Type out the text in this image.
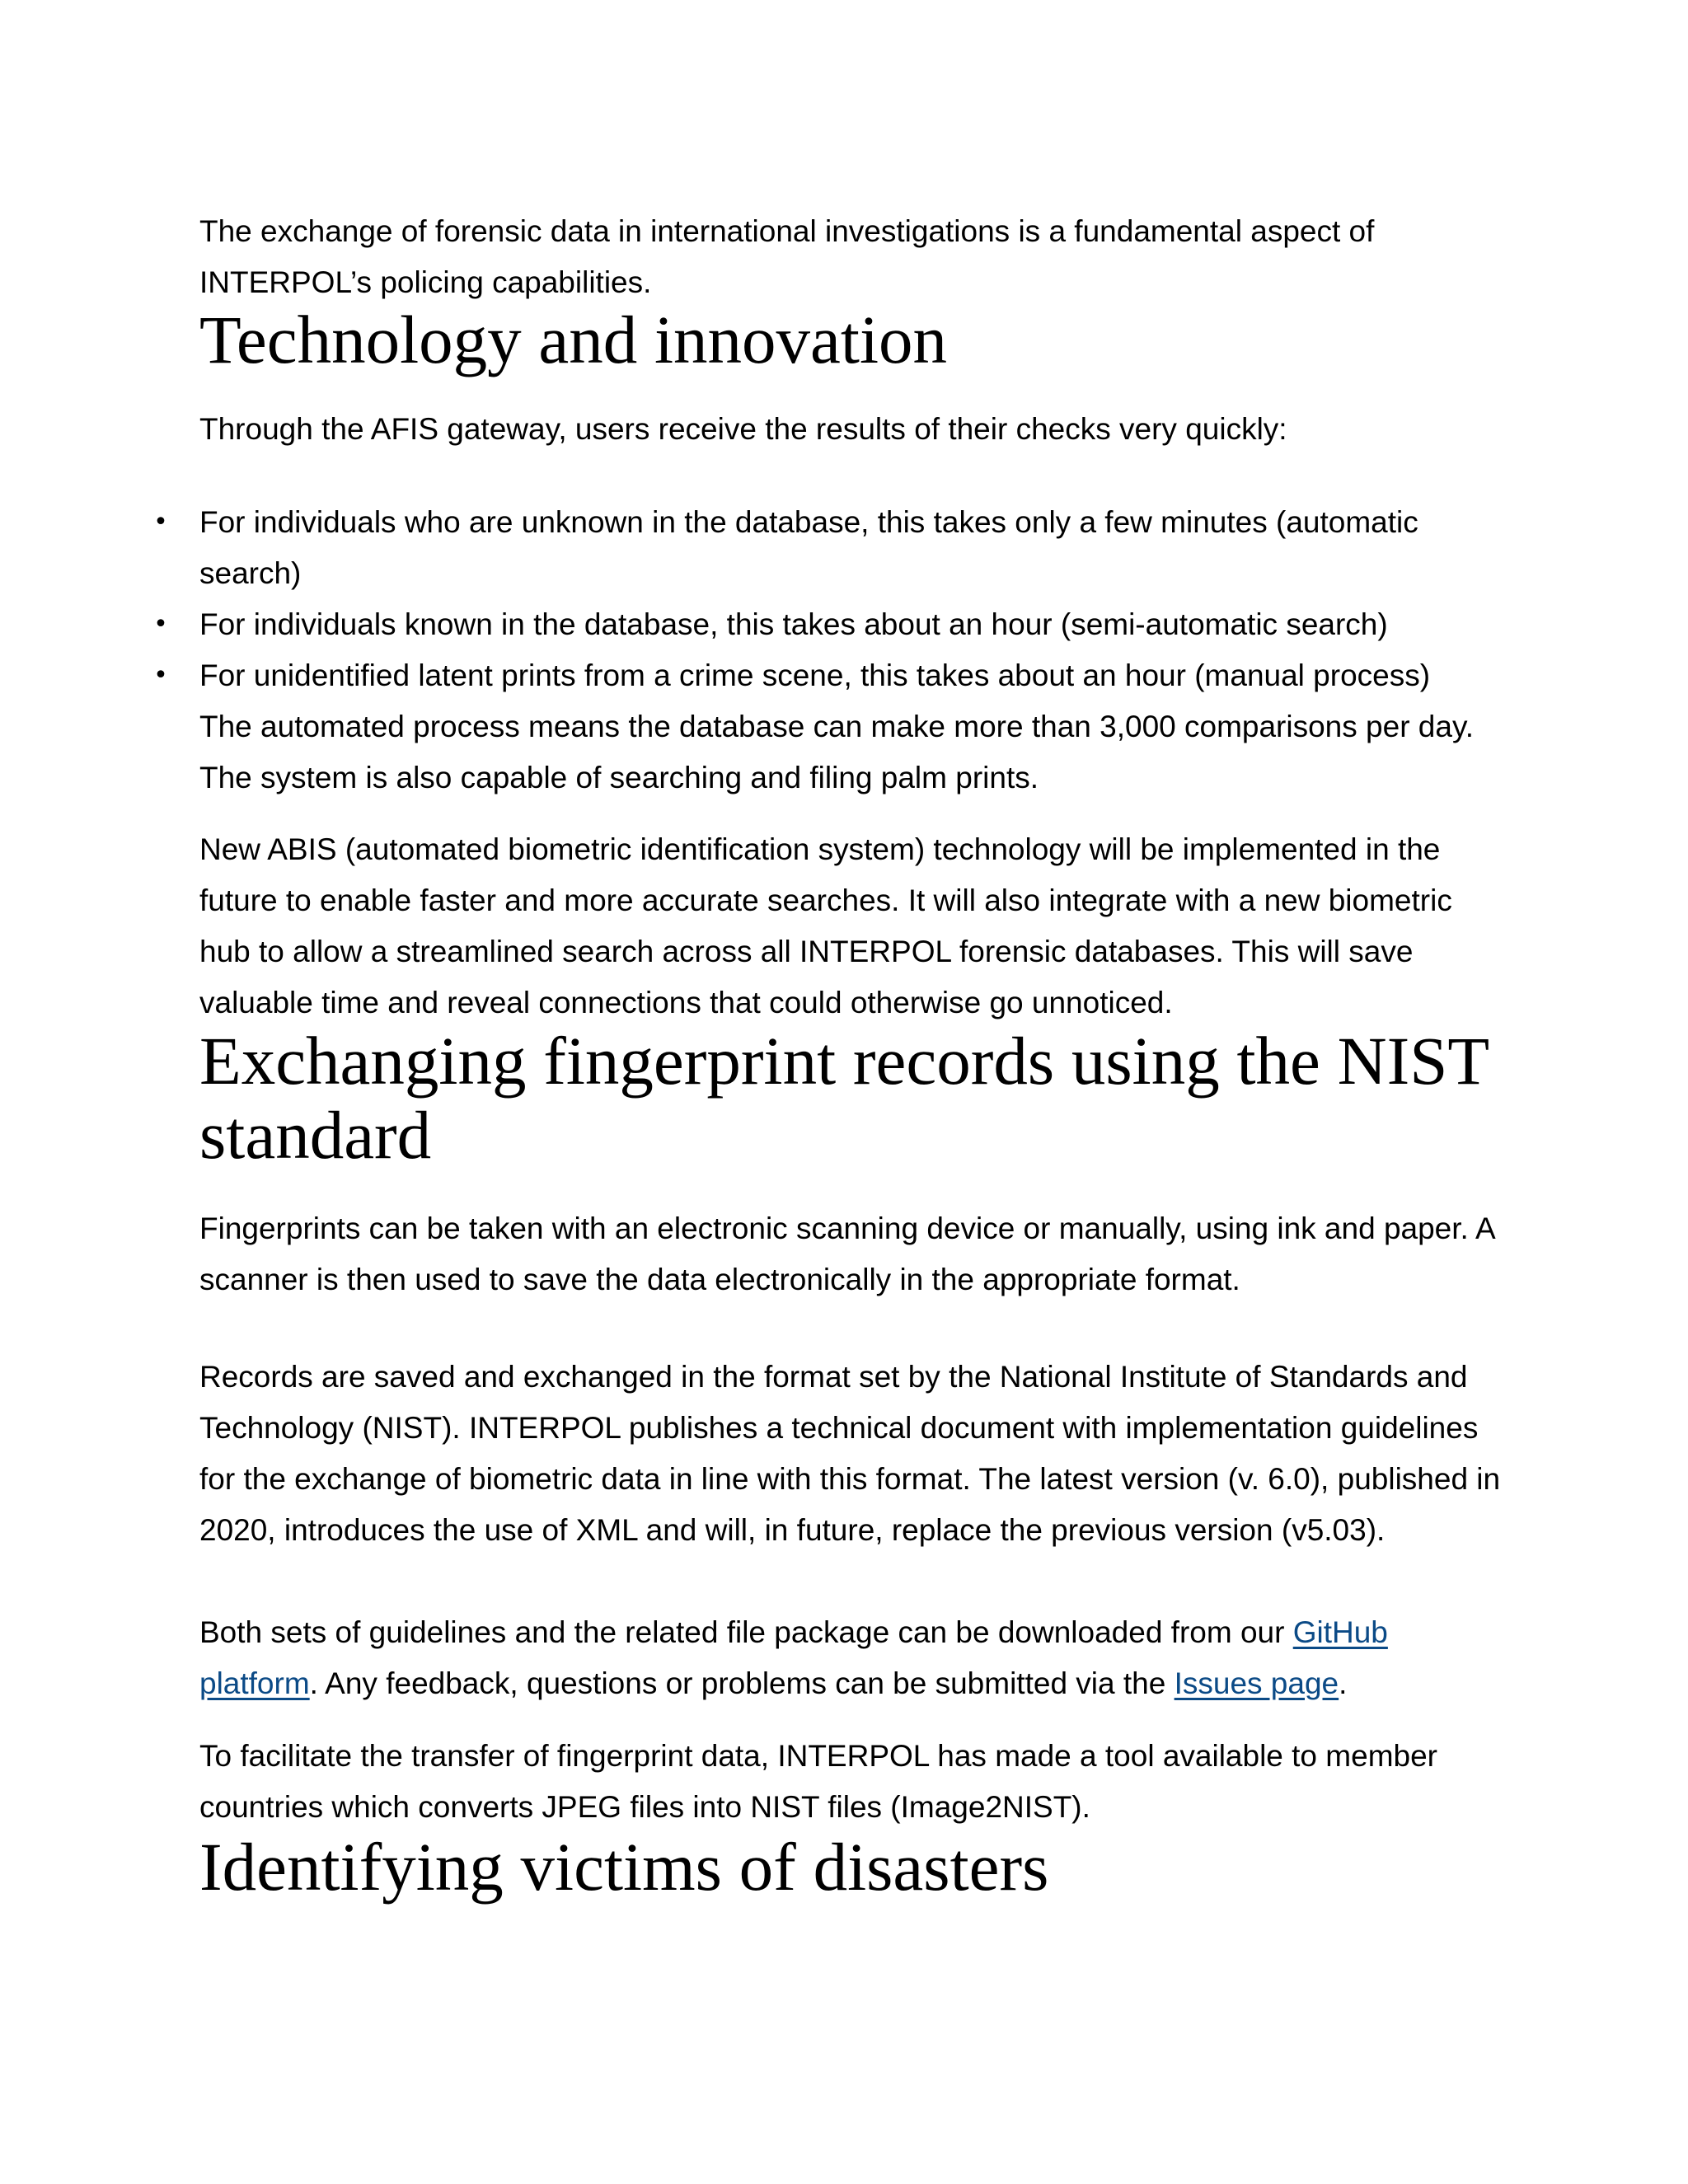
The exchange of forensic data in international investigations is a fundamental aspect of INTERPOL’s policing capabilities.

Technology and innovation

Through the AFIS gateway, users receive the results of their checks very quickly:

• For individuals who are unknown in the database, this takes only a few minutes (automatic search)
• For individuals known in the database, this takes about an hour (semi-automatic search)
• For unidentified latent prints from a crime scene, this takes about an hour (manual process)

The automated process means the database can make more than 3,000 comparisons per day. The system is also capable of searching and filing palm prints.

New ABIS (automated biometric identification system) technology will be implemented in the future to enable faster and more accurate searches. It will also integrate with a new biometric hub to allow a streamlined search across all INTERPOL forensic databases. This will save valuable time and reveal connections that could otherwise go unnoticed.

Exchanging fingerprint records using the NIST standard

Fingerprints can be taken with an electronic scanning device or manually, using ink and paper. A scanner is then used to save the data electronically in the appropriate format.

Records are saved and exchanged in the format set by the National Institute of Standards and Technology (NIST). INTERPOL publishes a technical document with implementation guidelines for the exchange of biometric data in line with this format. The latest version (v. 6.0), published in 2020, introduces the use of XML and will, in future, replace the previous version (v5.03).

Both sets of guidelines and the related file package can be downloaded from our GitHub platform. Any feedback, questions or problems can be submitted via the Issues page.

To facilitate the transfer of fingerprint data, INTERPOL has made a tool available to member countries which converts JPEG files into NIST files (Image2NIST).

Identifying victims of disasters
